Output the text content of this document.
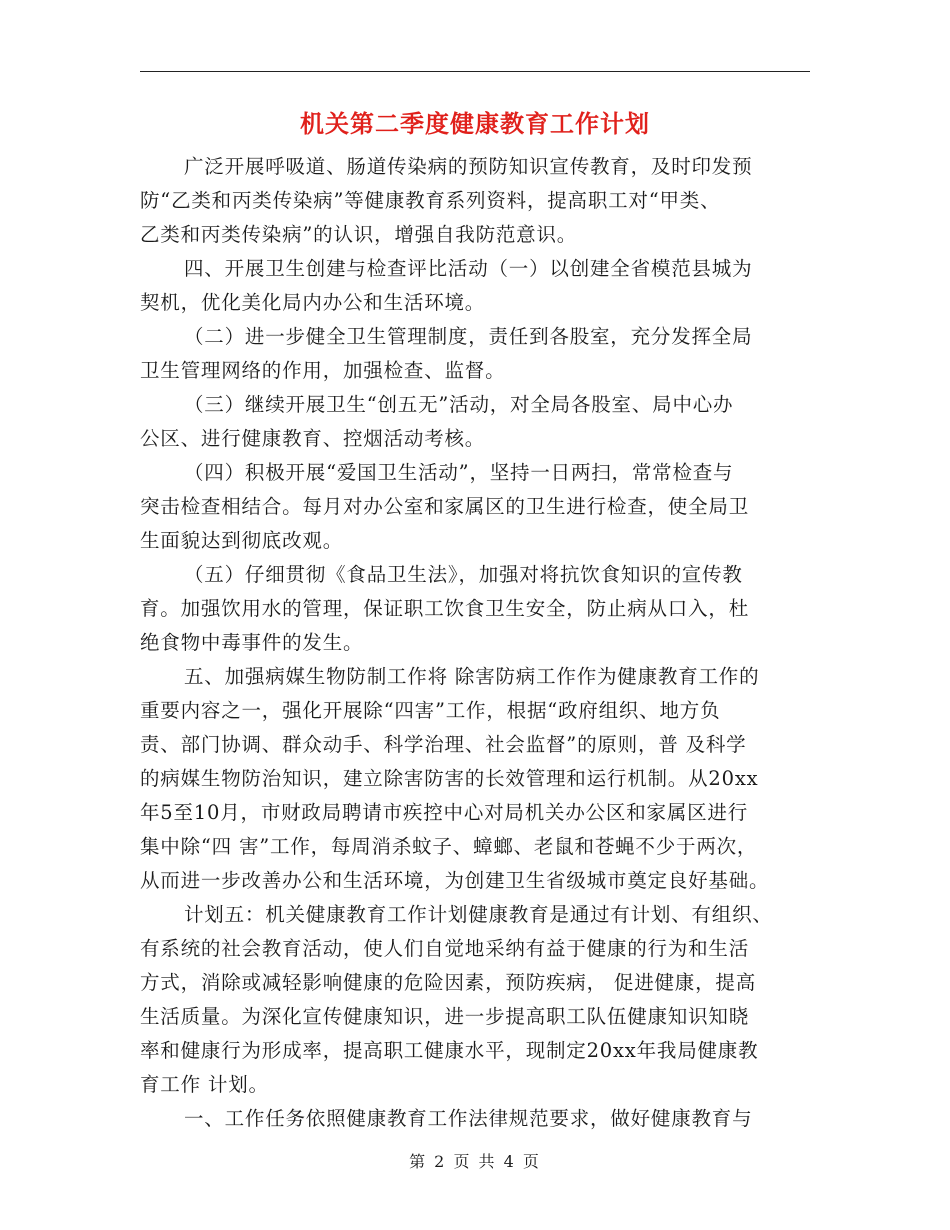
机关第二季度健康教育工作计划
广泛开展呼吸道、肠道传染病的预防知识宣传教育，及时印发预
防“乙类和丙类传染病”等健康教育系列资料，提高职工对“甲类、
乙类和丙类传染病”的认识，增强自我防范意识。
四、开展卫生创建与检查评比活动（一）以创建全省模范县城为
契机，优化美化局内办公和生活环境。
（二）进一步健全卫生管理制度，责任到各股室，充分发挥全局
卫生管理网络的作用，加强检查、监督。
（三）继续开展卫生“创五无”活动，对全局各股室、局中心办
公区、进行健康教育、控烟活动考核。
（四）积极开展“爱国卫生活动”，坚持一日两扫，常常检查与
突击检查相结合。每月对办公室和家属区的卫生进行检查，使全局卫
生面貌达到彻底改观。
（五）仔细贯彻《食品卫生法》，加强对将抗饮食知识的宣传教
育。加强饮用水的管理，保证职工饮食卫生安全，防止病从口入，杜
绝食物中毒事件的发生。
五、加强病媒生物防制工作将 除害防病工作作为健康教育工作的
重要内容之一，强化开展除“四害”工作，根据“政府组织、地方负
责、部门协调、群众动手、科学治理、社会监督”的原则，普 及科学
的病媒生物防治知识，建立除害防害的长效管理和运行机制。从20xx
年5至10月，市财政局聘请市疾控中心对局机关办公区和家属区进行
集中除“四 害”工作，每周消杀蚊子、蟑螂、老鼠和苍蝇不少于两次，
从而进一步改善办公和生活环境，为创建卫生省级城市奠定良好基础。
计划五：机关健康教育工作计划健康教育是通过有计划、有组织、
有系统的社会教育活动，使人们自觉地采纳有益于健康的行为和生活
方式，消除或减轻影响健康的危险因素，预防疾病， 促进健康，提高
生活质量。为深化宣传健康知识，进一步提高职工队伍健康知识知晓
率和健康行为形成率，提高职工健康水平，现制定20xx年我局健康教
育工作 计划。
一、工作任务依照健康教育工作法律规范要求，做好健康教育与
第 2 页 共 4 页
